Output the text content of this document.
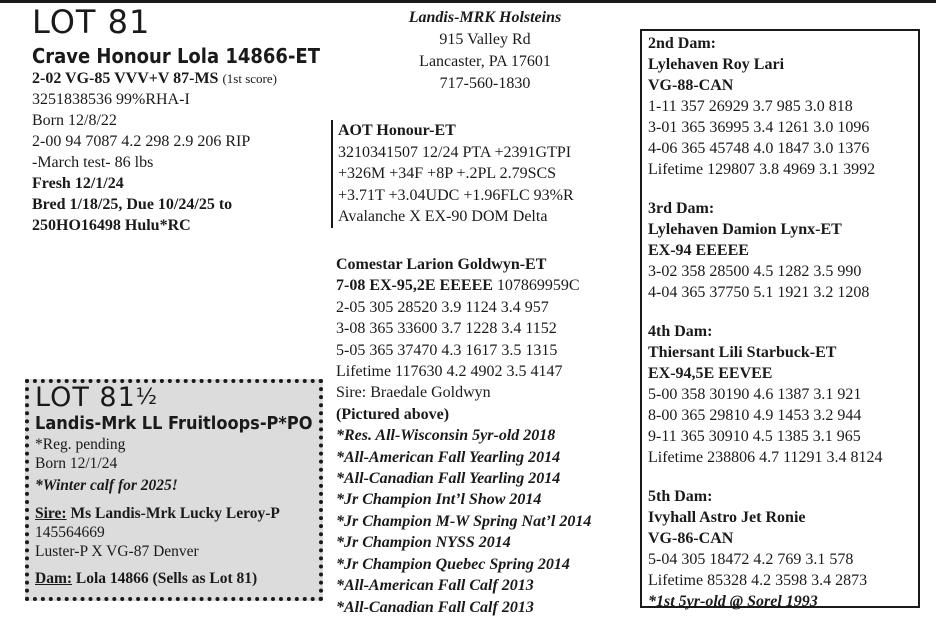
LOT 81
Crave Honour Lola 14866-ET
2-02 VG-85 VVV+V 87-MS (1st score)
3251838536 99%RHA-I
Born 12/8/22
2-00 94 7087 4.2 298 2.9 206 RIP
-March test- 86 lbs
Fresh 12/1/24
Bred 1/18/25, Due 10/24/25 to
250HO16498 Hulu*RC
Landis-MRK Holsteins
915 Valley Rd
Lancaster, PA 17601
717-560-1830
AOT Honour-ET
3210341507 12/24 PTA +2391GTPI
+326M +34F +8P +.2PL 2.79SCS
+3.71T +3.04UDC +1.96FLC 93%R
Avalanche X EX-90 DOM Delta
Comestar Larion Goldwyn-ET
7-08 EX-95,2E EEEEE 107869959C
2-05 305 28520 3.9 1124 3.4 957
3-08 365 33600 3.7 1228 3.4 1152
5-05 365 37470 4.3 1617 3.5 1315
Lifetime 117630 4.2 4902 3.5 4147
Sire: Braedale Goldwyn
(Pictured above)
*Res. All-Wisconsin 5yr-old 2018
*All-American Fall Yearling 2014
*All-Canadian Fall Yearling 2014
*Jr Champion Int’l Show 2014
*Jr Champion M-W Spring Nat’l 2014
*Jr Champion NYSS 2014
*Jr Champion Quebec Spring 2014
*All-American Fall Calf 2013
*All-Canadian Fall Calf 2013
2nd Dam:
Lylehaven Roy Lari
VG-88-CAN
1-11 357 26929 3.7 985 3.0 818
3-01 365 36995 3.4 1261 3.0 1096
4-06 365 45748 4.0 1847 3.0 1376
Lifetime 129807 3.8 4969 3.1 3992
3rd Dam:
Lylehaven Damion Lynx-ET
EX-94 EEEEE
3-02 358 28500 4.5 1282 3.5 990
4-04 365 37750 5.1 1921 3.2 1208
4th Dam:
Thiersant Lili Starbuck-ET
EX-94,5E EEVEE
5-00 358 30190 4.6 1387 3.1 921
8-00 365 29810 4.9 1453 3.2 944
9-11 365 30910 4.5 1385 3.1 965
Lifetime 238806 4.7 11291 3.4 8124
5th Dam:
Ivyhall Astro Jet Ronie
VG-86-CAN
5-04 305 18472 4.2 769 3.1 578
Lifetime 85328 4.2 3598 3.4 2873
*1st 5yr-old @ Sorel 1993
LOT 81½
Landis-Mrk LL Fruitloops-P*PO
*Reg. pending
Born 12/1/24
*Winter calf for 2025!
Sire: Ms Landis-Mrk Lucky Leroy-P
145564669
Luster-P X VG-87 Denver
Dam: Lola 14866 (Sells as Lot 81)
